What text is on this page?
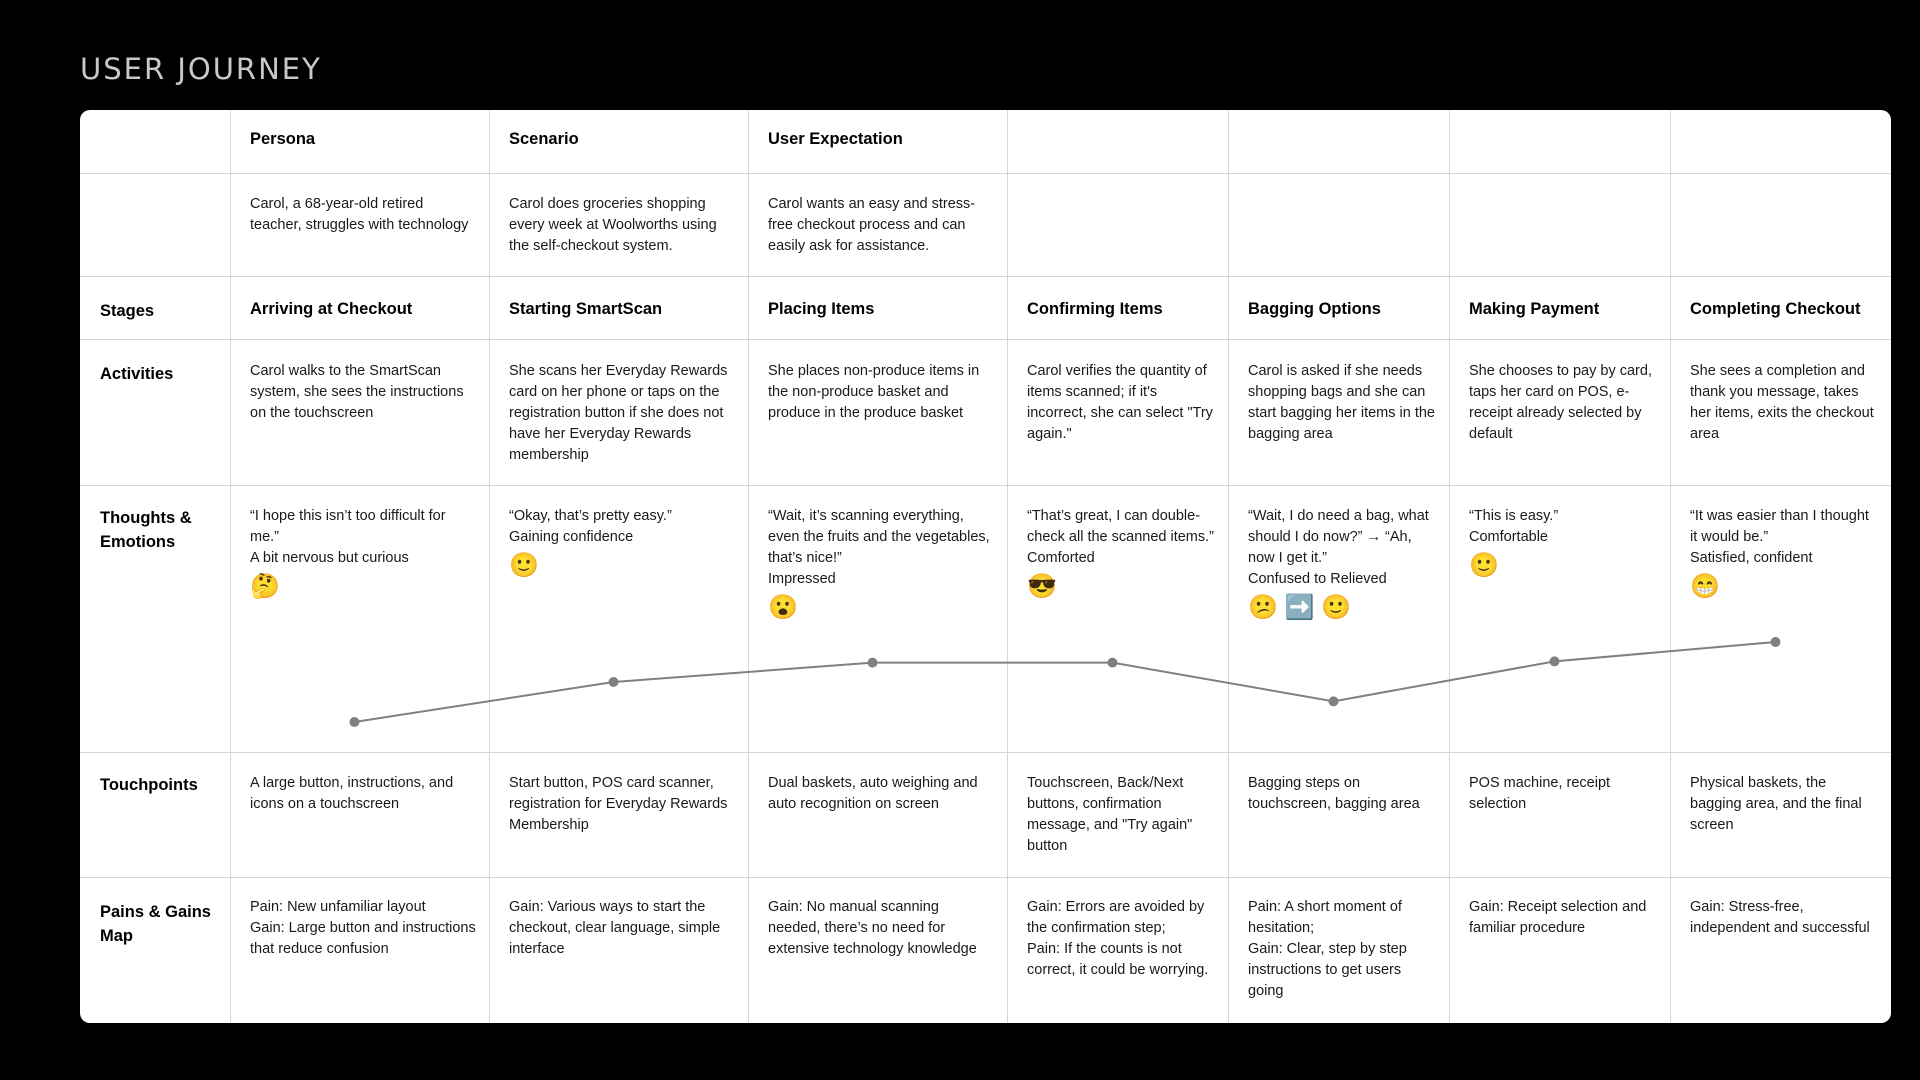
USER JOURNEY
Persona	Scenario	User Expectation
Carol, a 68-year-old retired teacher, struggles with technology
Carol does groceries shopping every week at Woolworths using the self-checkout system.
Carol wants an easy and stress-free checkout process and can easily ask for assistance.
Stages
Activities
Thoughts & Emotions
Touchpoints
Pains & Gains Map
Arriving at Checkout
Carol walks to the SmartScan system, she sees the instructions on the touchscreen
“I hope this isn’t too difficult for me.”
A bit nervous but curious
🤔
A large button, instructions, and icons on a touchscreen
Pain: New unfamiliar layout
Gain: Large button and instructions that reduce confusion
Starting SmartScan
She scans her Everyday Rewards card on her phone or taps on the registration button if she does not have her Everyday Rewards membership
“Okay, that’s pretty easy.”
Gaining confidence
🙂
Start button, POS card scanner, registration for Everyday Rewards Membership
Gain: Various ways to start the checkout, clear language, simple interface
Placing Items
She places non-produce items in the non-produce basket and produce in the produce basket
“Wait, it’s scanning everything, even the fruits and the vegetables, that’s nice!”
Impressed
😮
Dual baskets, auto weighing and auto recognition on screen
Gain: No manual scanning needed, there’s no need for extensive technology knowledge
Confirming Items
Carol verifies the quantity of items scanned; if it's incorrect, she can select "Try again."
“That’s great, I can double-check all the scanned items.”
Comforted
😎
Touchscreen, Back/Next buttons, confirmation message, and "Try again" button
Gain: Errors are avoided by the confirmation step;
Pain: If the counts is not correct, it could be worrying.
Bagging Options
Carol is asked if she needs shopping bags and she can start bagging her items in the bagging area
“Wait, I do need a bag, what should I do now?” → “Ah, now I get it.”
Confused to Relieved
😕 ➡️ 🙂
Bagging steps on touchscreen, bagging area
Pain: A short moment of hesitation;
Gain: Clear, step by step instructions to get users going
Making Payment
She chooses to pay by card, taps her card on POS, e-receipt already selected by default
“This is easy.”
Comfortable
🙂
POS machine, receipt selection
Gain: Receipt selection and familiar procedure
Completing Checkout
She sees a completion and thank you message, takes her items, exits the checkout area
“It was easier than I thought it would be.”
Satisfied, confident
😁
Physical baskets, the bagging area, and the final screen
Gain: Stress-free, independent and successful
